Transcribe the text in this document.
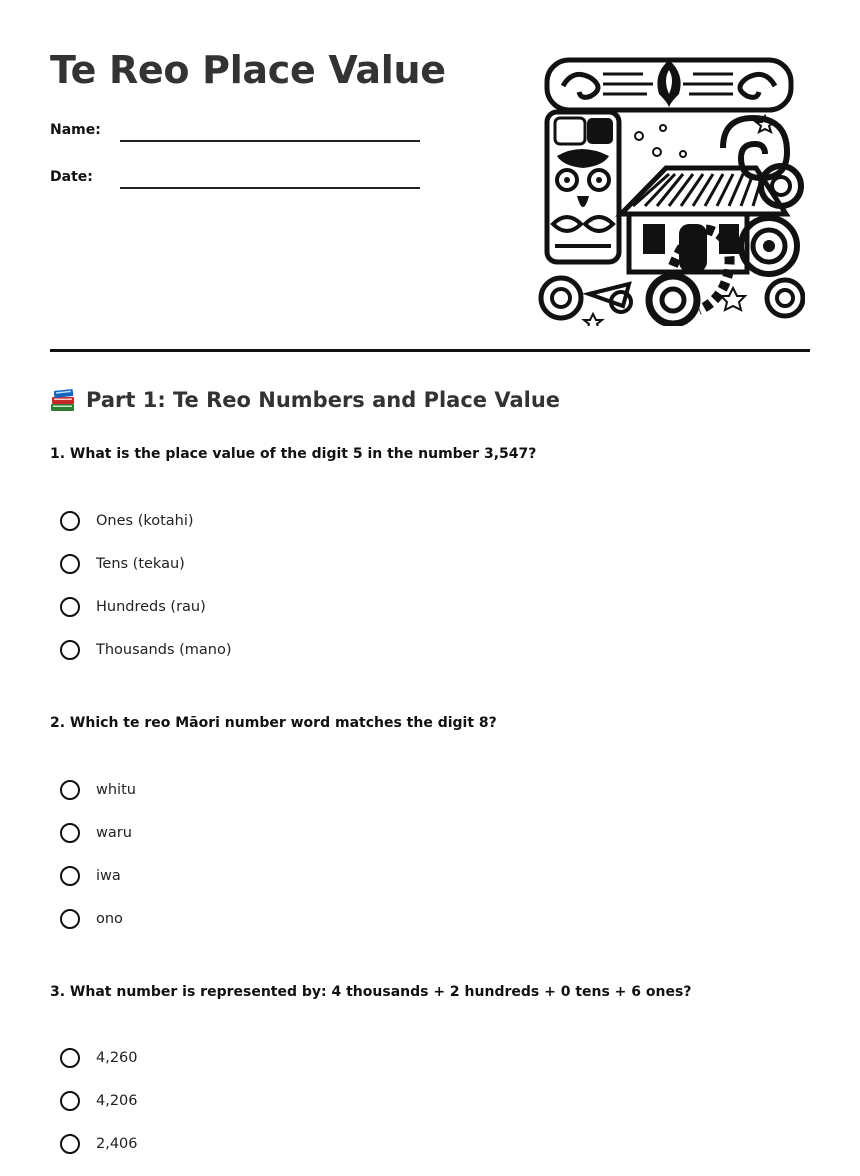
Te Reo Place Value
Name:
Date:
Part 1: Te Reo Numbers and Place Value

1. What is the place value of the digit 5 in the number 3,547?

Ones (kotahi)
Tens (tekau)
Hundreds (rau)
Thousands (mano)

2. Which te reo Māori number word matches the digit 8?

whitu
waru
iwa
ono

3. What number is represented by: 4 thousands + 2 hundreds + 0 tens + 6 ones?

4,260
4,206
2,406
